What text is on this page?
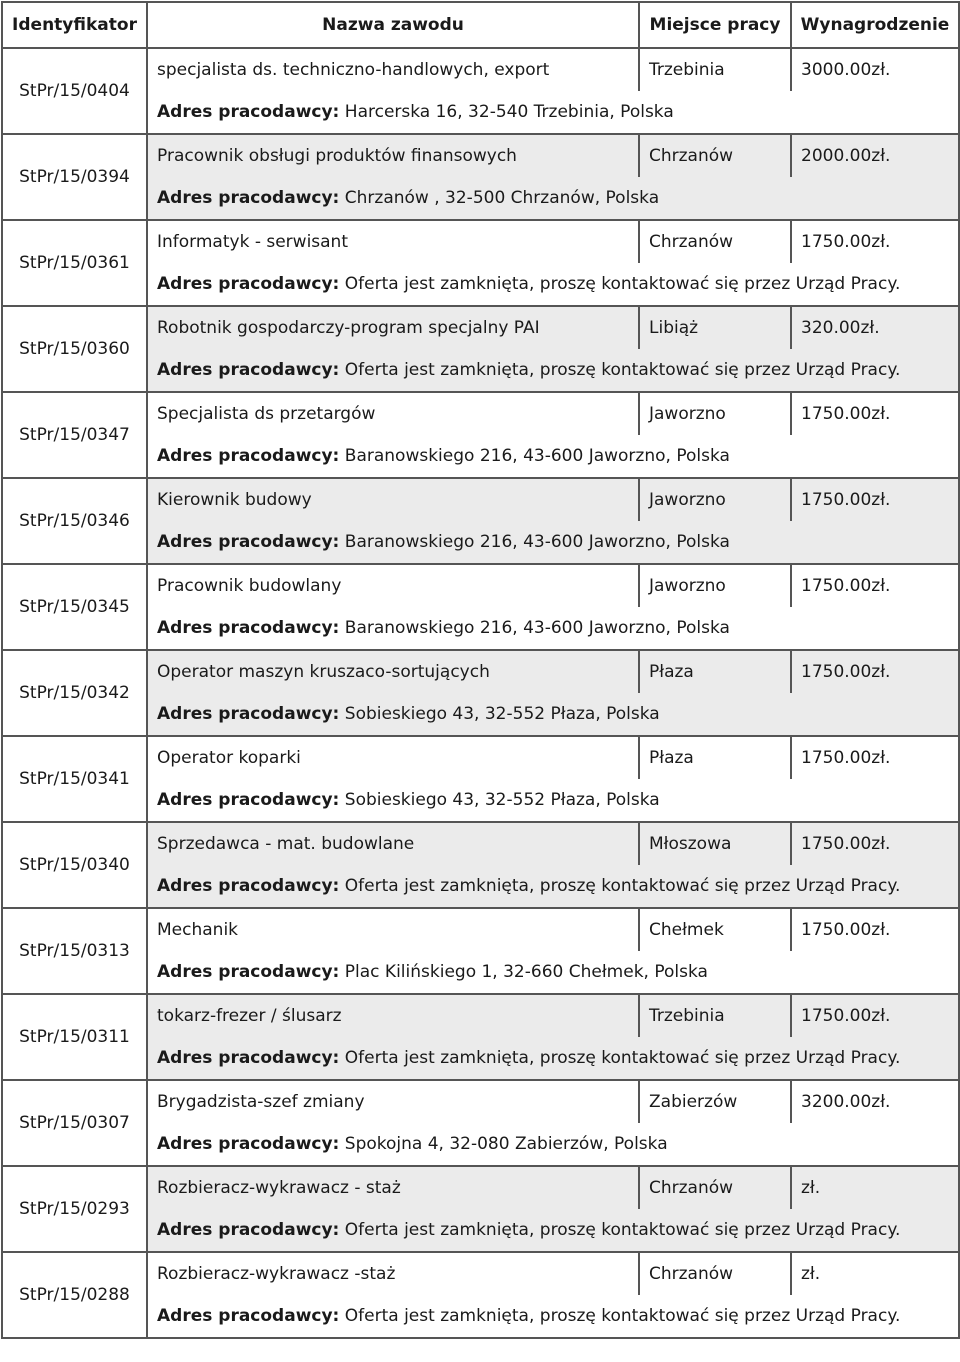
Identyfikator	Nazwa zawodu	Miejsce pracy	Wynagrodzenie
StPr/15/0404	specjalista ds. techniczno-handlowych, export	Trzebinia	3000.00zł.
	Adres pracodawcy: Harcerska 16, 32-540 Trzebinia, Polska		
StPr/15/0394	Pracownik obsługi produktów finansowych	Chrzanów	2000.00zł.
	Adres pracodawcy: Chrzanów , 32-500 Chrzanów, Polska		
StPr/15/0361	Informatyk - serwisant	Chrzanów	1750.00zł.
	Adres pracodawcy: Oferta jest zamknięta, proszę kontaktować się przez Urząd Pracy.		
StPr/15/0360	Robotnik gospodarczy-program specjalny PAI	Libiąż	320.00zł.
	Adres pracodawcy: Oferta jest zamknięta, proszę kontaktować się przez Urząd Pracy.		
StPr/15/0347	Specjalista ds przetargów	Jaworzno	1750.00zł.
	Adres pracodawcy: Baranowskiego 216, 43-600 Jaworzno, Polska		
StPr/15/0346	Kierownik budowy	Jaworzno	1750.00zł.
	Adres pracodawcy: Baranowskiego 216, 43-600 Jaworzno, Polska		
StPr/15/0345	Pracownik budowlany	Jaworzno	1750.00zł.
	Adres pracodawcy: Baranowskiego 216, 43-600 Jaworzno, Polska		
StPr/15/0342	Operator maszyn kruszaco-sortujących	Płaza	1750.00zł.
	Adres pracodawcy: Sobieskiego 43, 32-552 Płaza, Polska		
StPr/15/0341	Operator koparki	Płaza	1750.00zł.
	Adres pracodawcy: Sobieskiego 43, 32-552 Płaza, Polska		
StPr/15/0340	Sprzedawca - mat. budowlane	Młoszowa	1750.00zł.
	Adres pracodawcy: Oferta jest zamknięta, proszę kontaktować się przez Urząd Pracy.		
StPr/15/0313	Mechanik	Chełmek	1750.00zł.
	Adres pracodawcy: Plac Kilińskiego 1, 32-660 Chełmek, Polska		
StPr/15/0311	tokarz-frezer / ślusarz	Trzebinia	1750.00zł.
	Adres pracodawcy: Oferta jest zamknięta, proszę kontaktować się przez Urząd Pracy.		
StPr/15/0307	Brygadzista-szef zmiany	Zabierzów	3200.00zł.
	Adres pracodawcy: Spokojna 4, 32-080 Zabierzów, Polska		
StPr/15/0293	Rozbieracz-wykrawacz - staż	Chrzanów	zł.
	Adres pracodawcy: Oferta jest zamknięta, proszę kontaktować się przez Urząd Pracy.		
StPr/15/0288	Rozbieracz-wykrawacz -staż	Chrzanów	zł.
	Adres pracodawcy: Oferta jest zamknięta, proszę kontaktować się przez Urząd Pracy.		
